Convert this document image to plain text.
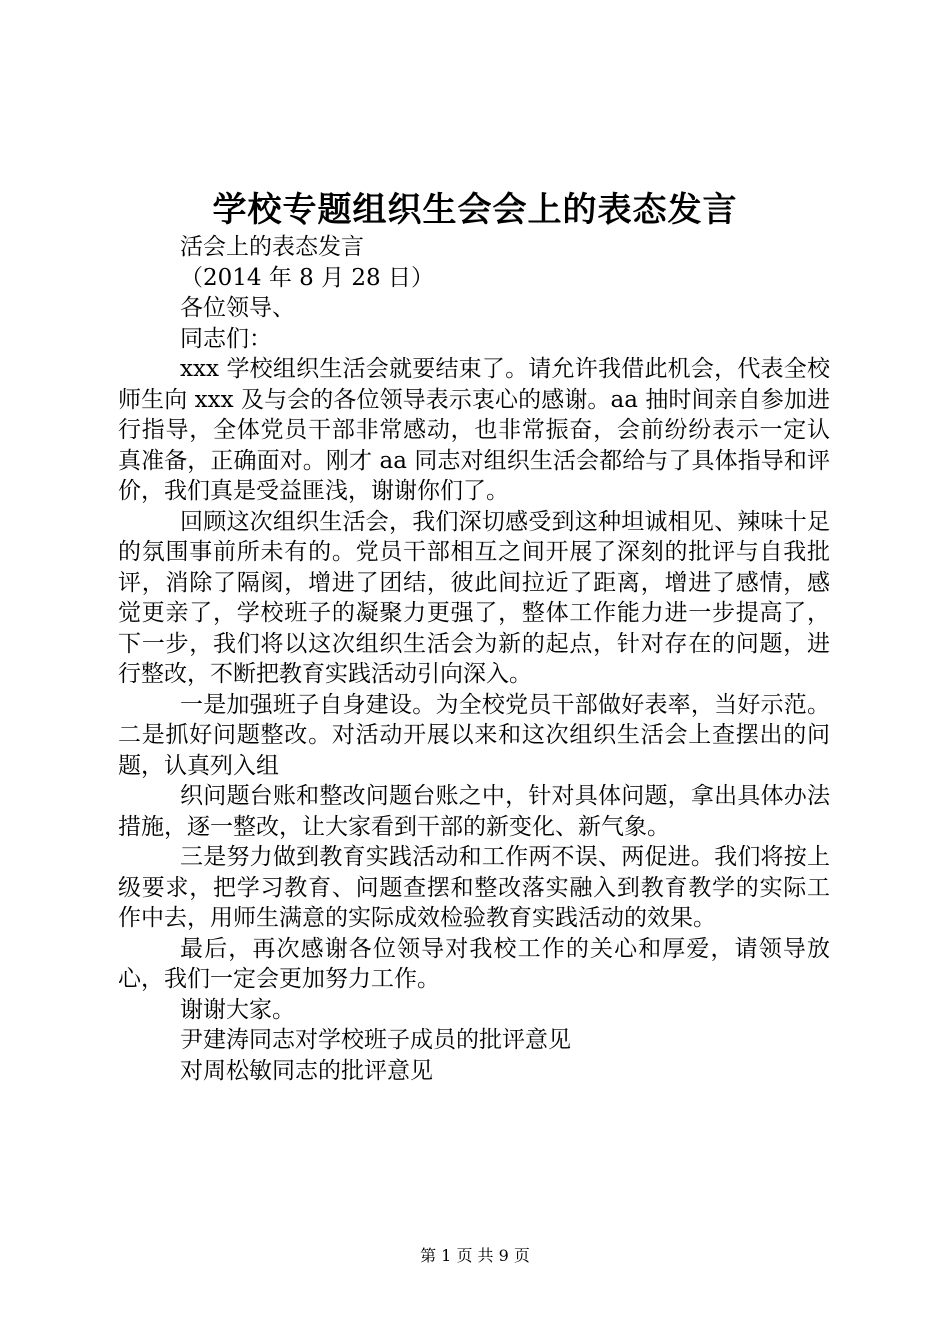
学校专题组织生会会上的表态发言

活会上的表态发言

（2014 年 8 月 28 日）

各位领导、

同志们：

xxx 学校组织生活会就要结束了。请允许我借此机会，代表全校师生向 xxx 及与会的各位领导表示衷心的感谢。aa 抽时间亲自参加进行指导，全体党员干部非常感动，也非常振奋，会前纷纷表示一定认真准备，正确面对。刚才 aa 同志对组织生活会都给与了具体指导和评价，我们真是受益匪浅，谢谢你们了。

回顾这次组织生活会，我们深切感受到这种坦诚相见、辣味十足的氛围事前所未有的。党员干部相互之间开展了深刻的批评与自我批评，消除了隔阂，增进了团结，彼此间拉近了距离，增进了感情，感觉更亲了，学校班子的凝聚力更强了，整体工作能力进一步提高了，下一步，我们将以这次组织生活会为新的起点，针对存在的问题，进行整改，不断把教育实践活动引向深入。

一是加强班子自身建设。为全校党员干部做好表率，当好示范。二是抓好问题整改。对活动开展以来和这次组织生活会上查摆出的问题，认真列入组

织问题台账和整改问题台账之中，针对具体问题，拿出具体办法措施，逐一整改，让大家看到干部的新变化、新气象。

三是努力做到教育实践活动和工作两不误、两促进。我们将按上级要求，把学习教育、问题查摆和整改落实融入到教育教学的实际工作中去，用师生满意的实际成效检验教育实践活动的效果。

最后，再次感谢各位领导对我校工作的关心和厚爱，请领导放心，我们一定会更加努力工作。

谢谢大家。

尹建涛同志对学校班子成员的批评意见

对周松敏同志的批评意见

第 1 页 共 9 页
